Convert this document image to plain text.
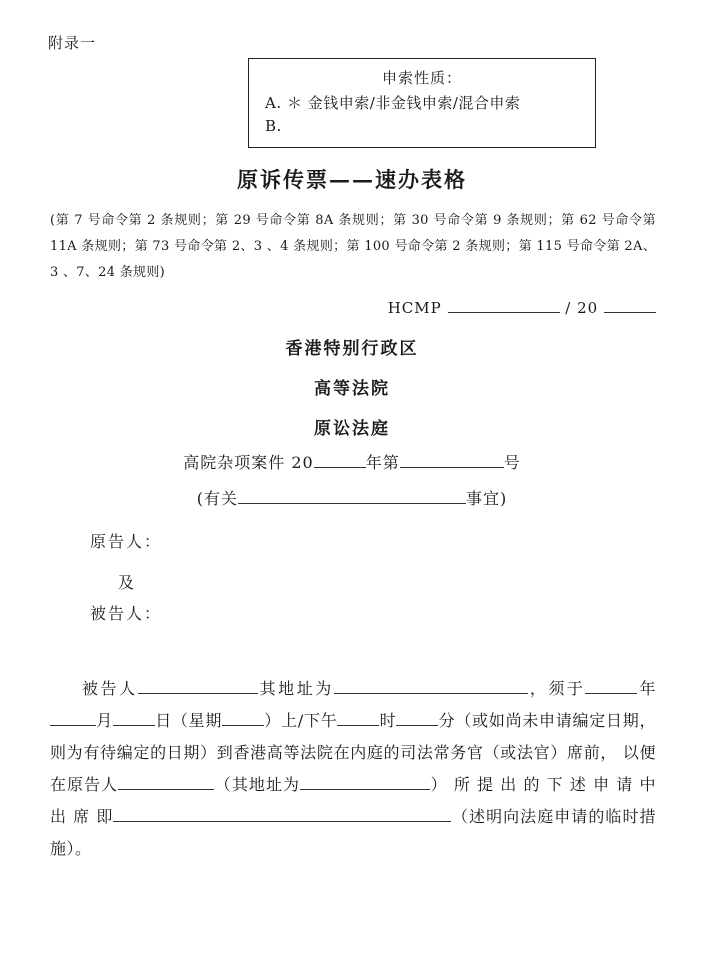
附录一
申索性质：
A. ＊ 金钱申索/非金钱申索/混合申索
B.
原诉传票——速办表格
(第 7 号命令第 2 条规则；第 29 号命令第 8A 条规则；第 30 号命令第 9 条规则；第 62 号命令第 11A 条规则；第 73 号命令第 2、3 、4 条规则；第 100 号命令第 2 条规则；第 115 号命令第 2A、3 、7、24 条规则)
HCMP	/ 20
香港特别行政区
高等法院
原讼法庭
高院杂项案件 20	年第	号
(有关	事宜)
原告人：
及
被告人：

被告人	其地址为	，须于	年月	日（星期	）上/下午	时	分（或如尚未申请编定日期，则为有待编定的日期）到香港高等法院在内庭的司法常务官（或法官）席前， 以便在原告人	（其地址为	） 所 提 出 的 下 述 申 请 中 出 席 即	（述明向法庭申请的临时措施）。
